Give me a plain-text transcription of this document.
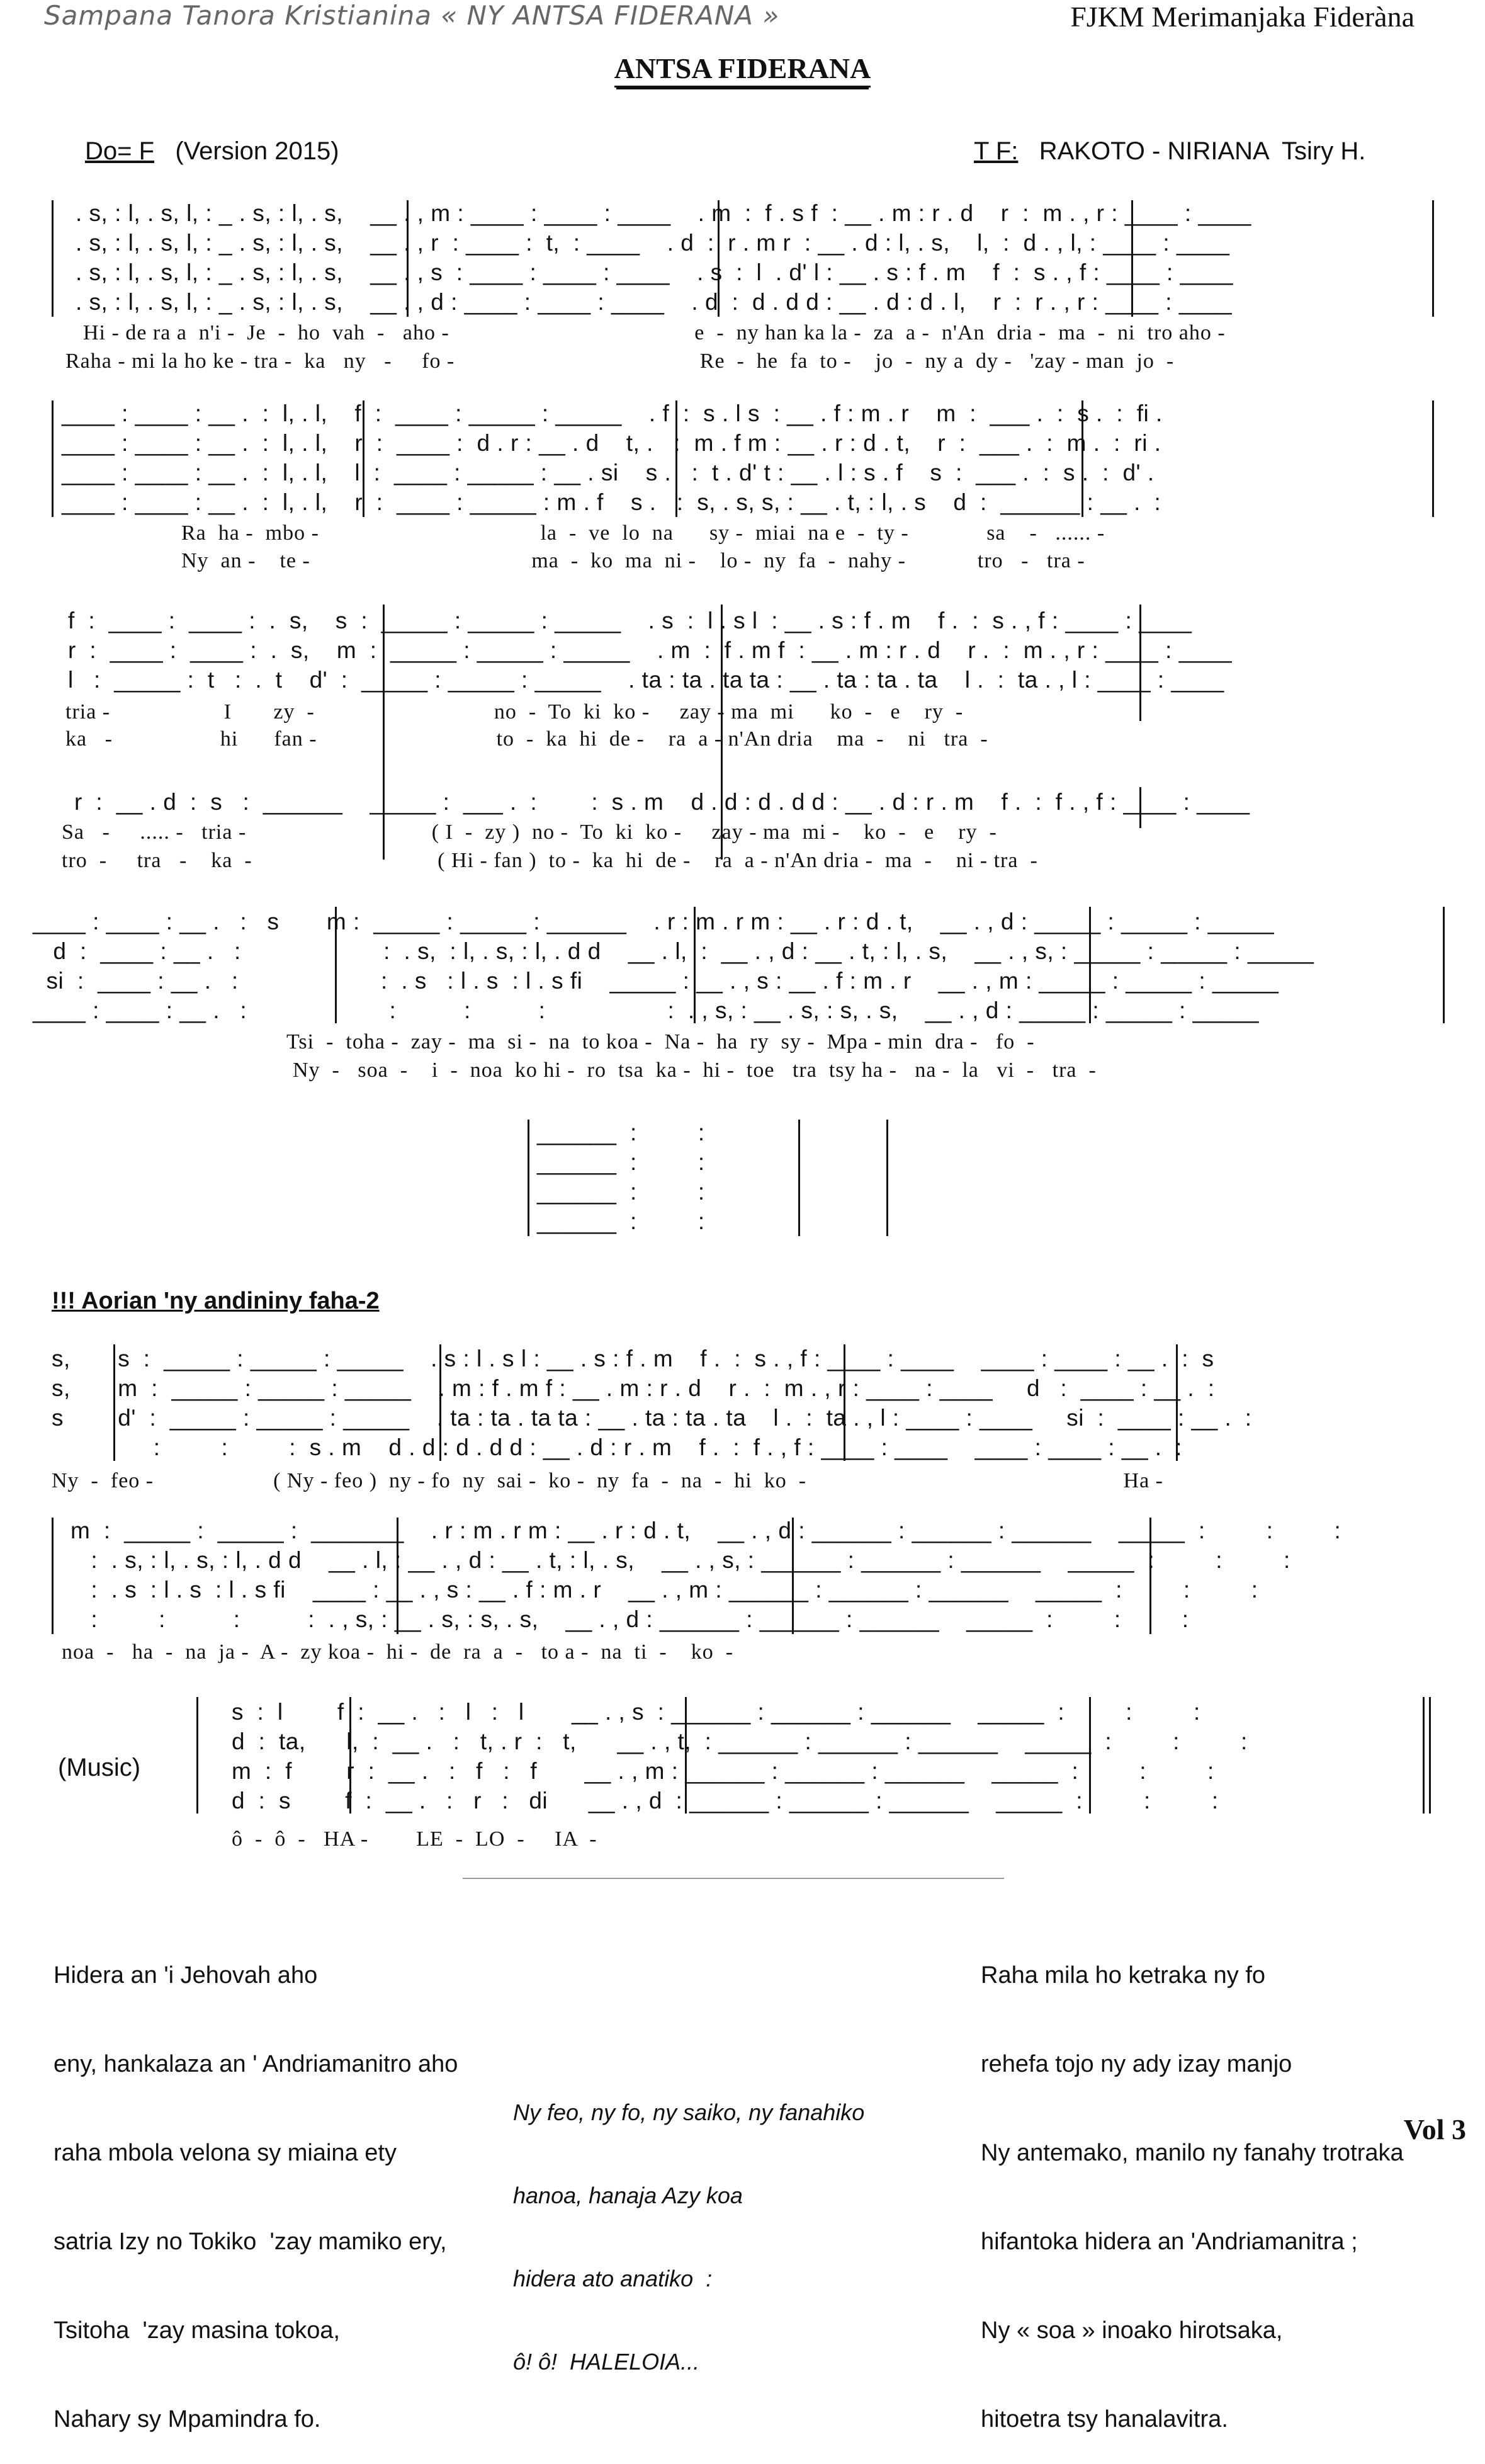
Sampana Tanora Kristianina « NY ANTSA FIDERANA »	FJKM Merimanjaka Fideràna
ANTSA FIDERANA
Do= F (Version 2015)	T F: RAKOTO - NIRIANA  Tsiry H.
. s, : l, . s, l, : _ . s, : l, . s,    __ . , m : ____ : ____ : ____    . m  :  f . s f  : __ . m : r . d    r  :  m . , r : ____ : ____
. s, : l, . s, l, : _ . s, : l, . s,    __ . , r  : ____ :  t,  : ____    . d  :  r . m r  : __ . d : l, . s,    l,  :  d . , l, : ____ : ____
. s, : l, . s, l, : _ . s, : l, . s,    __ . , s  : ____ : ____ : ____    . s  :  l  . d' l : __ . s : f . m    f  :  s . , f : ____ : ____
. s, : l, . s, l, : _ . s, : l, . s,    __ . , d : ____ : ____ : ____    . d  :  d . d d : __ . d : d . l,    r  :  r . , r : ____ : ____
Hi - de ra a  n'i -  Je  -  ho  vah  -   aho -                                         e  -  ny han ka la -  za  a -  n'An  dria -  ma  -  ni  tro aho -
Raha - mi la ho ke - tra -  ka   ny   -     fo -                                         Re  -  he  fa  to -    jo  -  ny a  dy -   'zay - man  jo  -
____ : ____ : __ .  :  l, . l,    f  :  ____ : _____ : _____    . f  :  s . l s  : __ . f : m . r    m  :  ___ .  :  s .  :  fi .
____ : ____ : __ .  :  l, . l,    r  :  ____ :  d . r : __ . d    t, .   :  m . f m : __ . r : d . t,    r  :  ___ .  :  m .  :  ri .
____ : ____ : __ .  :  l, . l,    l  :  ____ : _____ : __ . si    s .   :  t . d' t : __ . l : s . f    s  :  ___ .  :  s .  :  d' .
____ : ____ : __ .  :  l, . l,    r  :  ____ : _____ : m . f    s .   :  s, . s, s, : __ . t, : l, . s    d  :  ______ : __ .  :
Ra  ha -  mbo -                                     la  -  ve  lo  na      sy -  miai  na e  -  ty -             sa    -   ...... -
Ny  an -    te -                                     ma  -  ko  ma  ni -    lo -  ny  fa  -  nahy -            tro   -   tra -
f  :  ____ :  ____ :  .  s,    s  :  _____ : _____ : _____    . s  :  l . s l  : __ . s : f . m    f .  :  s . , f : ____ : ____
r  :  ____ :  ____ :  .  s,    m  :  _____ : _____ : _____    . m  :  f . m f  : __ . m : r . d    r .  :  m . , r : ____ : ____
l   :  _____ :  t   :  .  t    d'  :  _____ : _____ : _____    . ta : ta . ta ta : __ . ta : ta . ta    l .  :  ta . , l : ____ : ____
tria -                   I       zy  -                              no  -  To  ki  ko -     zay - ma  mi      ko  -   e    ry  -
ka   -                  hi      fan -                              to  -  ka  hi  de -    ra  a - n'An dria    ma  -    ni   tra  -
r  :  __ . d  :  s   :  ______    _____ :  ___ .  :        :  s . m    d . d : d . d d : __ . d : r . m    f .  :  f . , f : ____ : ____
Sa   -     ..... -   tria -                               ( I  -  zy )  no -  To  ki  ko -     zay - ma  mi -    ko  -   e    ry  -
tro  -     tra   -    ka  -                               ( Hi - fan )  to -  ka  hi  de -    ra  a - n'An dria -  ma  -    ni - tra  -
____ : ____ : __ .   :   s       m :  _____ : _____ : ______    . r : m . r m : __ . r : d . t,    __ . , d : _____ : _____ : _____
d  :  ____ : __ .   :                     :  . s,  : l, . s, : l, . d d    __ . l,  :  __ . , d : __ . t, : l, . s,    __ . , s, : _____ : _____ : _____
si  :  ____ : __ .   :                     :  . s   : l . s  : l . s fi    _____ : __ . , s : __ . f : m . r    __ . , m : _____ : _____ : _____
____ : ____ : __ .   :                     :          :          :                  :  . , s, : __ . s, : s, . s,    __ . , d : _____ : _____ : _____
Tsi  -  toha -  zay -  ma  si -  na  to koa -  Na -  ha  ry  sy -  Mpa - min  dra -   fo  -
Ny  -   soa  -    i  -  noa  ko hi -  ro  tsa  ka -  hi -  toe   tra  tsy ha -   na -  la   vi  -   tra  -
______  :         :
______  :         :
______  :         :
______  :         :
!!! Aorian 'ny andininy faha-2
s,       s  :  _____ : _____ : _____    . s : l . s l : __ . s : f . m    f .  :  s . , f : ____ : ____    ____ : ____ : __ .  :  s
s,       m  :  _____ : _____ : _____    . m : f . m f : __ . m : r . d    r .  :  m . , r : ____ : ____     d   :  ____ : __ .  :
s        d'  :  _____ : _____ : _____    . ta : ta . ta ta : __ . ta : ta . ta    l .  :  ta . , l : ____ : ____     si  :  ____ : __ .  :
:         :         :  s . m    d . d : d . d d : __ . d : r . m    f .  :  f . , f : ____ : ____    ____ : ____ : __ .  :
Ny  -  feo -                    ( Ny - feo )  ny - fo  ny  sai -  ko -  ny  fa  -  na  -  hi  ko  -                                                     Ha -
m  :  _____ :  _____ :  _______    . r : m . r m : __ . r : d . t,    __ . , d : ______ : ______ : ______    _____  :         :         :
:  . s, : l, . s, : l, . d d    __ . l, : __ . , d : __ . t, : l, . s,    __ . , s, : ______ : ______ : ______    _____  :         :         :
:  . s  : l . s  : l . s fi    ____ : __ . , s : __ . f : m . r    __ . , m : ______ : ______ : ______    _____  :         :         :
:         :          :          :  . , s, : __ . s, : s, . s,    __ . , d : ______ : ______ : ______    _____  :         :         :
noa  -   ha  -  na  ja -  A -  zy koa -  hi -  de  ra  a  -   to a -  na  ti  -    ko  -
(Music)
s  :  l        f  :  __ .   :   l   :   l       __ . , s  : ______ : ______ : ______    _____  :         :         :
d  :  ta,      l,  :  __ .   :   t, . r  :   t,      __ . , t,  : ______ : ______ : ______    _____  :         :         :
m  :  f        r  :  __ .   :   f   :   f       __ . , m : ______ : ______ : ______    _____  :         :         :
d  :  s        f  :  __ .   :   r   :   di      __ . , d  : ______ : ______ : ______    _____  :         :         :
ô  -  ô  -   HA -        LE  -  LO  -     IA  -

Hidera an 'i Jehovah aho

eny, hankalaza an ' Andriamanitro aho

raha mbola velona sy miaina ety

satria Izy no Tokiko  'zay mamiko ery,

Tsitoha  'zay masina tokoa,

Nahary sy Mpamindra fo.

Ny feo, ny fo, ny saiko, ny fanahiko

hanoa, hanaja Azy koa

hidera ato anatiko  :

ô! ô!  HALELOIA...

Raha mila ho ketraka ny fo

rehefa tojo ny ady izay manjo

Ny antemako, manilo ny fanahy trotraka

hifantoka hidera an 'Andriamanitra ;

Ny « soa » inoako hirotsaka,

hitoetra tsy hanalavitra.

Vol 3
